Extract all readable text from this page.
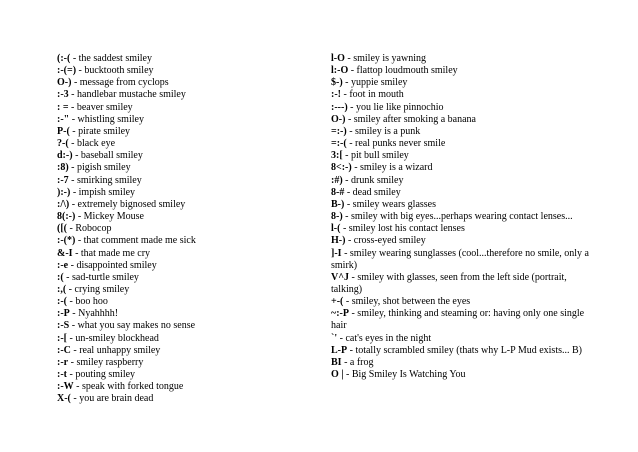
(:-( - the saddest smiley
:-(=) - bucktooth smiley
O-) - message from cyclops
:-3 - handlebar mustache smiley
: = - beaver smiley
:-" - whistling smiley
P-( - pirate smiley
?-( - black eye
d:-) - baseball smiley
:8) - pigish smiley
:-7 - smirking smiley
):-) - impish smiley
:/\) - extremely bignosed smiley
8(:-) - Mickey Mouse
([( - Robocop
:-(*) - that comment made me sick
&-I - that made me cry
:-e - disappointed smiley
:( - sad-turtle smiley
:,( - crying smiley
:-( - boo hoo
:-P - Nyahhhh!
:-S - what you say makes no sense
:-[ - un-smiley blockhead
:-C - real unhappy smiley
:-r - smiley raspberry
:-t - pouting smiley
:-W - speak with forked tongue
X-( - you are brain dead
l-O - smiley is yawning
l:-O - flattop loudmouth smiley
$-) - yuppie smiley
:-! - foot in mouth
:---) - you lie like pinnochio
O-) - smiley after smoking a banana
=:-) - smiley is a punk
=:-( - real punks never smile
3:[ - pit bull smiley
8<:-) - smiley is a wizard
:#) - drunk smiley
8-# - dead smiley
B-) - smiley wears glasses
8-) - smiley with big eyes...perhaps wearing contact lenses...
l-( - smiley lost his contact lenses
H-) - cross-eyed smiley
]-I - smiley wearing sunglasses (cool...therefore no smile, only a smirk)
V^J - smiley with glasses, seen from the left side (portrait, talking)
+-( - smiley, shot between the eyes
~:-P - smiley, thinking and steaming or: having only one single hair
`' - cat's eyes in the night
L-P - totally scrambled smiley (thats why L-P Mud exists... B)
BI - a frog
O | - Big Smiley Is Watching You
